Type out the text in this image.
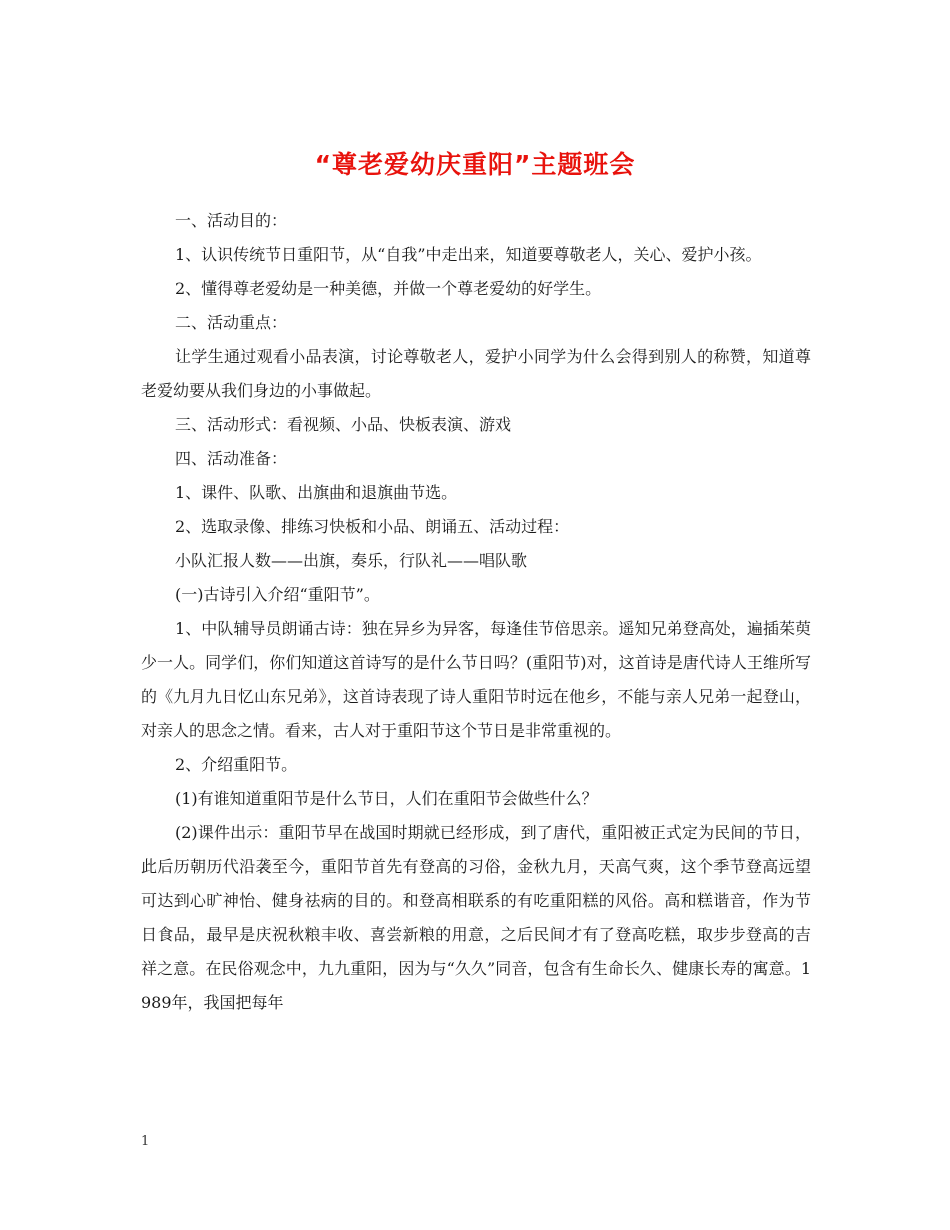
“尊老爱幼庆重阳”主题班会

一、活动目的：

1、认识传统节日重阳节，从“自我”中走出来，知道要尊敬老人，关心、爱护小孩。

2、懂得尊老爱幼是一种美德，并做一个尊老爱幼的好学生。

二、活动重点：

让学生通过观看小品表演，讨论尊敬老人，爱护小同学为什么会得到别人的称赞，知道尊老爱幼要从我们身边的小事做起。

三、活动形式：看视频、小品、快板表演、游戏

四、活动准备：

1、课件、队歌、出旗曲和退旗曲节选。

2、选取录像、排练习快板和小品、朗诵五、活动过程：

小队汇报人数——出旗，奏乐，行队礼——唱队歌

(一)古诗引入介绍“重阳节”。

1、中队辅导员朗诵古诗：独在异乡为异客，每逢佳节倍思亲。遥知兄弟登高处，遍插茱萸少一人。同学们，你们知道这首诗写的是什么节日吗？(重阳节)对，这首诗是唐代诗人王维所写的《九月九日忆山东兄弟》，这首诗表现了诗人重阳节时远在他乡，不能与亲人兄弟一起登山，对亲人的思念之情。看来，古人对于重阳节这个节日是非常重视的。

2、介绍重阳节。

(1)有谁知道重阳节是什么节日，人们在重阳节会做些什么？

(2)课件出示：重阳节早在战国时期就已经形成，到了唐代，重阳被正式定为民间的节日，此后历朝历代沿袭至今，重阳节首先有登高的习俗，金秋九月，天高气爽，这个季节登高远望可达到心旷神怡、健身祛病的目的。和登高相联系的有吃重阳糕的风俗。高和糕谐音，作为节日食品，最早是庆祝秋粮丰收、喜尝新粮的用意，之后民间才有了登高吃糕，取步步登高的吉祥之意。在民俗观念中，九九重阳，因为与“久久”同音，包含有生命长久、健康长寿的寓意。1989年，我国把每年

1
